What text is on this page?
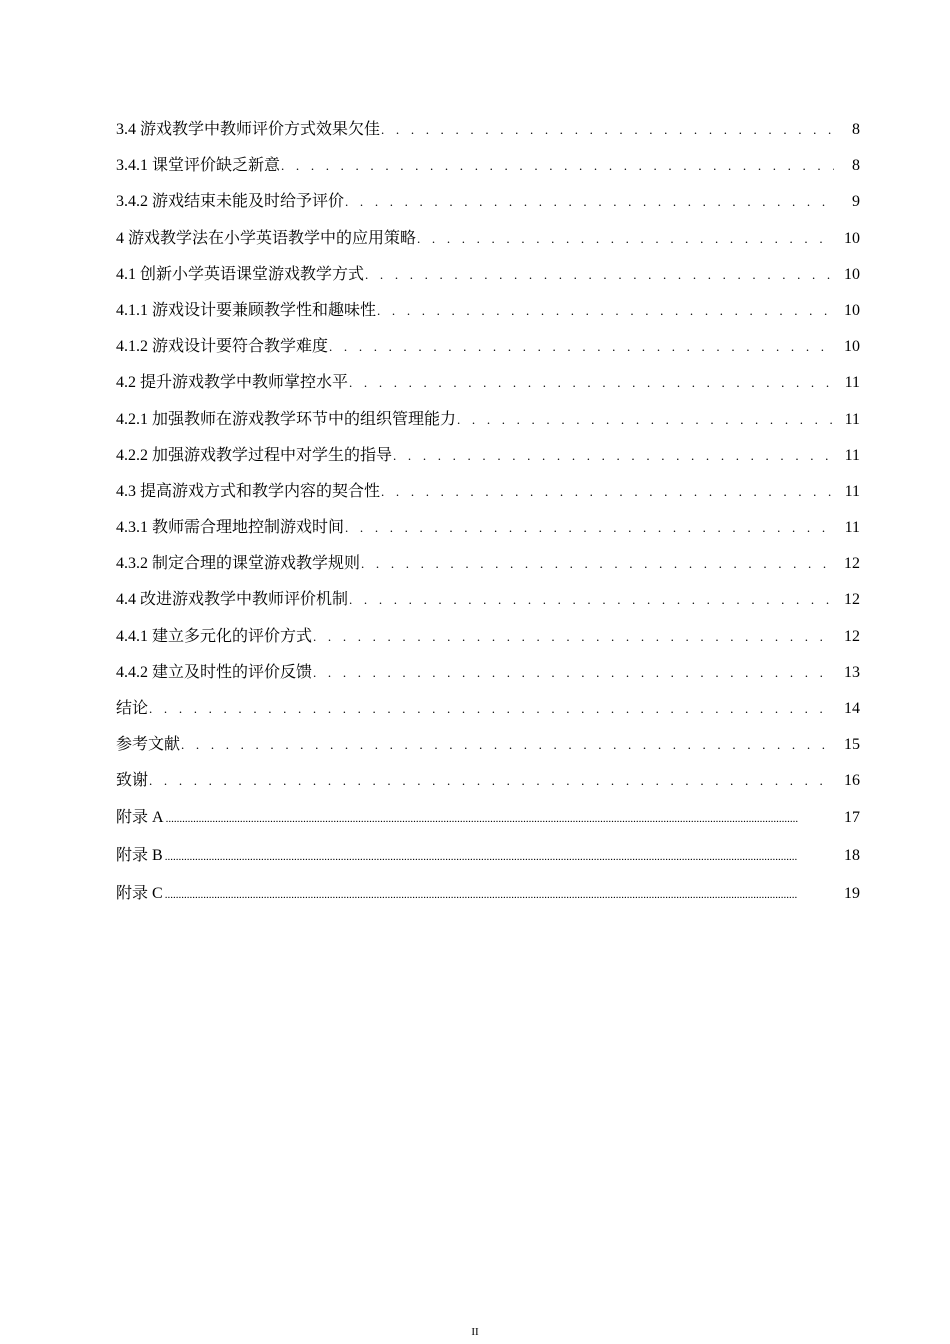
3.4 游戏教学中教师评价方式效果欠佳 . . .	8
3.4.1 课堂评价缺乏新意 . . .	8
3.4.2 游戏结束未能及时给予评价 . . .	9
4 游戏教学法在小学英语教学中的应用策略 . . .	10
4.1 创新小学英语课堂游戏教学方式 . . .	10
4.1.1 游戏设计要兼顾教学性和趣味性 . . .	10
4.1.2 游戏设计要符合教学难度 . . .	10
4.2 提升游戏教学中教师掌控水平 . . .	11
4.2.1 加强教师在游戏教学环节中的组织管理能力 . . .	11
4.2.2 加强游戏教学过程中对学生的指导 . . .	11
4.3 提高游戏方式和教学内容的契合性 . . .	11
4.3.1 教师需合理地控制游戏时间 . . .	11
4.3.2 制定合理的课堂游戏教学规则 . . .	12
4.4 改进游戏教学中教师评价机制 . . .	12
4.4.1 建立多元化的评价方式 . . .	12
4.4.2 建立及时性的评价反馈 . . .	13
结论 . . .	14
参考文献 . . .	15
致谢 . . .	16
附录 A .....	17
附录 B .....	18
附录 C .....	19
II
